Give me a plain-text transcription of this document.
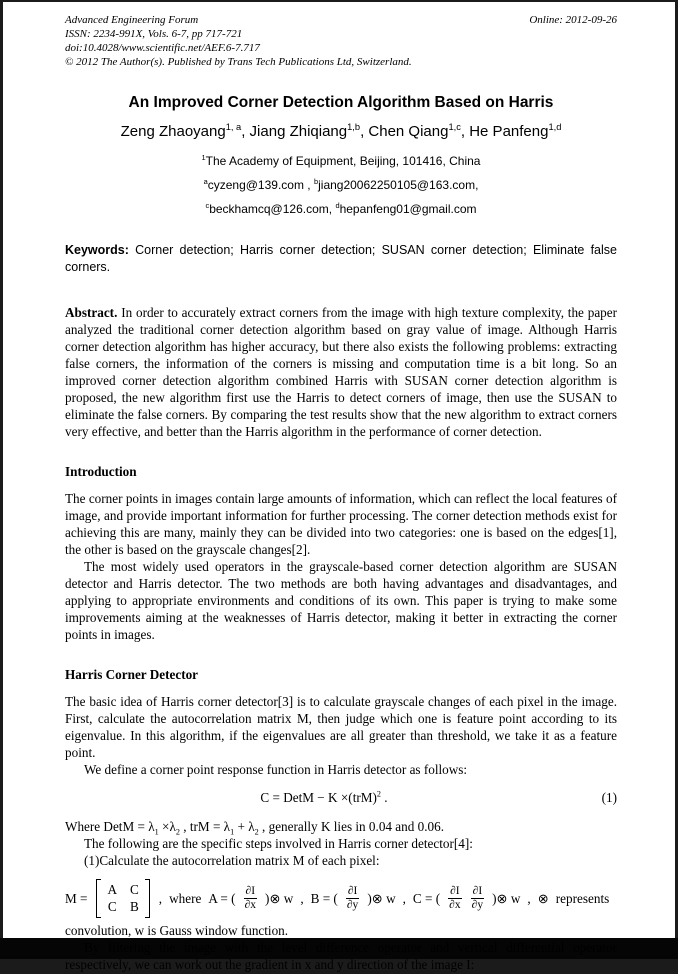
Advanced Engineering Forum
ISSN: 2234-991X, Vols. 6-7, pp 717-721
doi:10.4028/www.scientific.net/AEF.6-7.717
© 2012 The Author(s). Published by Trans Tech Publications Ltd, Switzerland.
Online: 2012-09-26
An Improved Corner Detection Algorithm Based on Harris
Zeng Zhaoyang$^{1, a}$, Jiang Zhiqiang$^{1,b}$, Chen Qiang$^{1,c}$, He Panfeng$^{1,d}$
$^1$The Academy of Equipment, Beijing, 101416, China
$^a$cyzeng@139.com , $^b$jiang20062250105@163.com,
$^c$beckhamcq@126.com, $^d$hepanfeng01@gmail.com
Keywords: Corner detection; Harris corner detection; SUSAN corner detection; Eliminate false corners.
Abstract. In order to accurately extract corners from the image with high texture complexity, the paper analyzed the traditional corner detection algorithm based on gray value of image. Although Harris corner detection algorithm has higher accuracy, but there also exists the following problems: extracting false corners, the information of the corners is missing and computation time is a bit long. So an improved corner detection algorithm combined Harris with SUSAN corner detection algorithm is proposed, the new algorithm first use the Harris to detect corners of image, then use the SUSAN to eliminate the false corners. By comparing the test results show that the new algorithm to extract corners very effective, and better than the Harris algorithm in the performance of corner detection.
Introduction

The corner points in images contain large amounts of information, which can reflect the local features of image, and provide important information for further processing. The corner detection methods exist for achieving this are many, mainly they can be divided into two categories: one is based on the edges[1], the other is based on the grayscale changes[2].

The most widely used operators in the grayscale-based corner detection algorithm are SUSAN detector and Harris detector. The two methods are both having advantages and disadvantages, and applying to appropriate environments and conditions of its own. This paper is trying to make some improvements aiming at the weaknesses of Harris detector, making it better in extracting the corner points in images.

Harris Corner Detector

The basic idea of Harris corner detector[3] is to calculate grayscale changes of each pixel in the image. First, calculate the autocorrelation matrix M, then judge which one is feature point according to its eigenvalue. In this algorithm, if the eigenvalues are all greater than threshold, we take it as a feature point.

We define a corner point response function in Harris detector as follows:

C = DetM − K ×(trM)$^2$ .	(1)
Where DetM = $\lambda_1 \times\lambda_2$ , trM = $\lambda_1 + \lambda_2$ , generally K lies in 0.04 and 0.06.

The following are the specific steps involved in Harris corner detector[4]:

(1)Calculate the autocorrelation matrix M of each pixel:

M =
A C
C B
, where A = ( $\frac{\partial I}{\partial x}$ )⊗ w , B = ( $\frac{\partial I}{\partial y}$ )⊗ w , C = ( $\frac{\partial I}{\partial x} \frac{\partial I}{\partial y}$ )⊗ w , ⊗ represents

convolution, w is Gauss window function.

By filtering the image with the level difference operator and vertical differential operator respectively, we can work out the gradient in x and y direction of the image I:
